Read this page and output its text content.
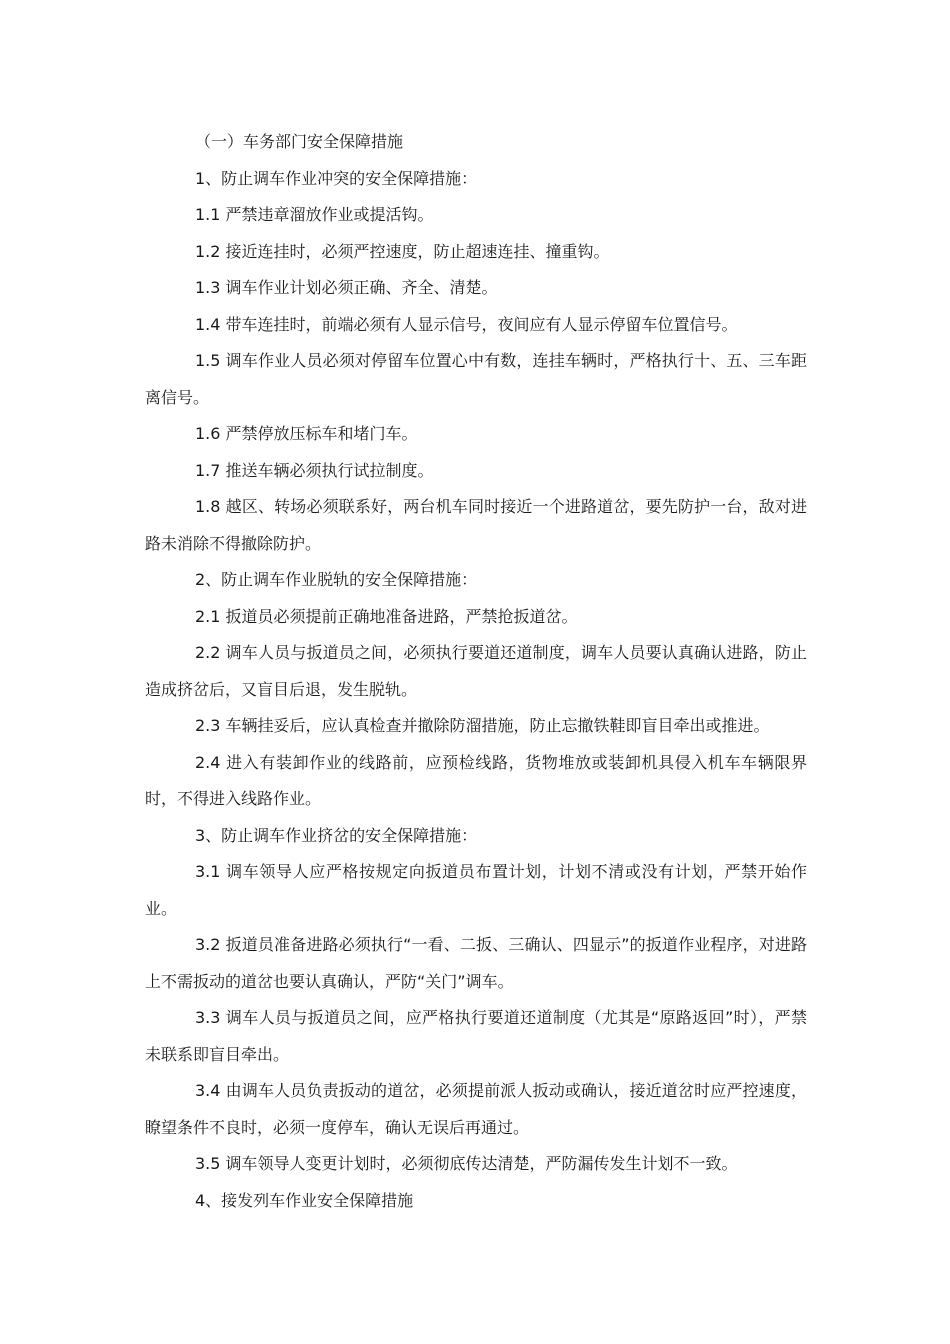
（一）车务部门安全保障措施

1、防止调车作业冲突的安全保障措施：

1.1 严禁违章溜放作业或提活钩。

1.2 接近连挂时，必须严控速度，防止超速连挂、撞重钩。

1.3 调车作业计划必须正确、齐全、清楚。

1.4 带车连挂时，前端必须有人显示信号，夜间应有人显示停留车位置信号。

1.5 调车作业人员必须对停留车位置心中有数，连挂车辆时，严格执行十、五、三车距离信号。

1.6 严禁停放压标车和堵门车。

1.7 推送车辆必须执行试拉制度。

1.8 越区、转场必须联系好，两台机车同时接近一个进路道岔，要先防护一台，敌对进路未消除不得撤除防护。

2、防止调车作业脱轨的安全保障措施：

2.1 扳道员必须提前正确地准备进路，严禁抢扳道岔。

2.2 调车人员与扳道员之间，必须执行要道还道制度，调车人员要认真确认进路，防止造成挤岔后，又盲目后退，发生脱轨。

2.3 车辆挂妥后，应认真检查并撤除防溜措施，防止忘撤铁鞋即盲目牵出或推进。

2.4 进入有装卸作业的线路前，应预检线路，货物堆放或装卸机具侵入机车车辆限界时，不得进入线路作业。

3、防止调车作业挤岔的安全保障措施：

3.1 调车领导人应严格按规定向扳道员布置计划，计划不清或没有计划，严禁开始作业。

3.2 扳道员准备进路必须执行“一看、二扳、三确认、四显示”的扳道作业程序，对进路上不需扳动的道岔也要认真确认，严防“关门”调车。

3.3 调车人员与扳道员之间，应严格执行要道还道制度（尤其是“原路返回”时），严禁未联系即盲目牵出。

3.4 由调车人员负责扳动的道岔，必须提前派人扳动或确认，接近道岔时应严控速度，瞭望条件不良时，必须一度停车，确认无误后再通过。

3.5 调车领导人变更计划时，必须彻底传达清楚，严防漏传发生计划不一致。

4、接发列车作业安全保障措施
